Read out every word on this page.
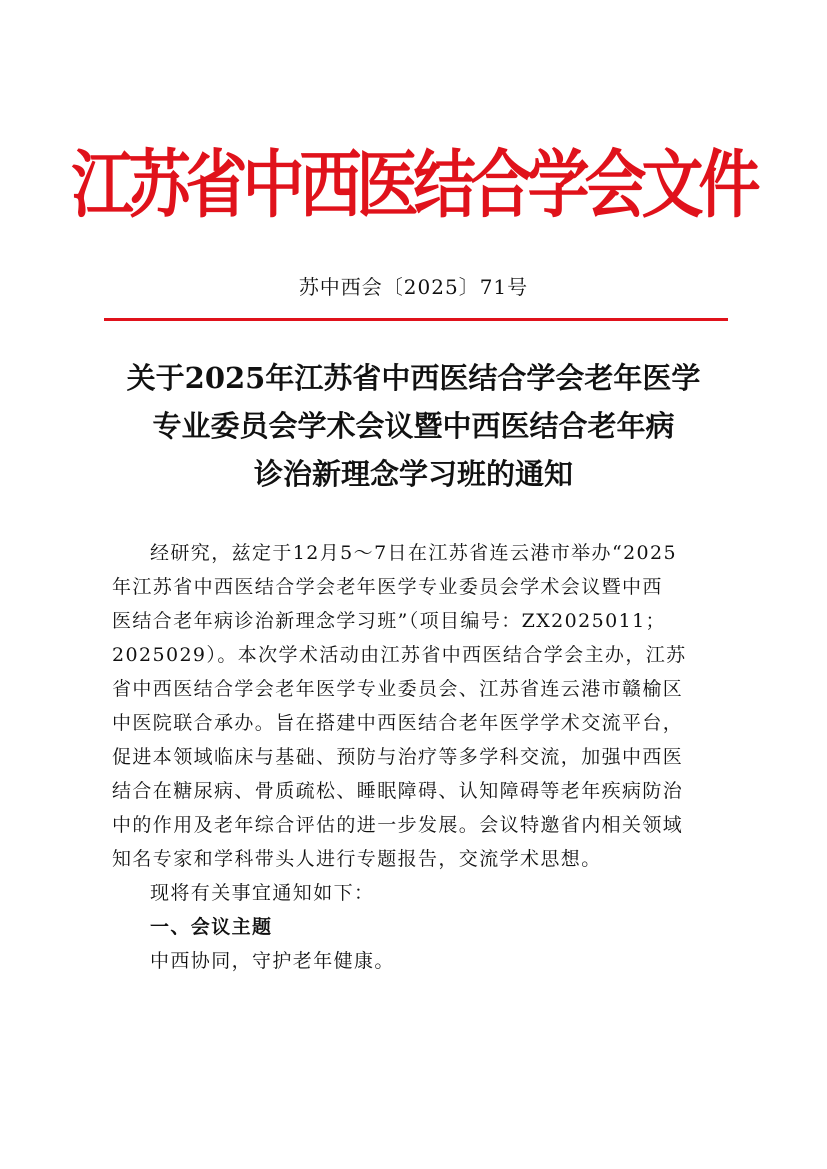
江苏省中西医结合学会文件
苏中西会〔2025〕71号
关于2025年江苏省中西医结合学会老年医学
专业委员会学术会议暨中西医结合老年病
诊治新理念学习班的通知

经研究，兹定于12月5～7日在江苏省连云港市举办“2025
年江苏省中西医结合学会老年医学专业委员会学术会议暨中西
医结合老年病诊治新理念学习班”（项目编号：ZX2025011；
2025029）。本次学术活动由江苏省中西医结合学会主办，江苏
省中西医结合学会老年医学专业委员会、江苏省连云港市赣榆区
中医院联合承办。旨在搭建中西医结合老年医学学术交流平台，
促进本领域临床与基础、预防与治疗等多学科交流，加强中西医
结合在糖尿病、骨质疏松、睡眠障碍、认知障碍等老年疾病防治
中的作用及老年综合评估的进一步发展。会议特邀省内相关领域
知名专家和学科带头人进行专题报告，交流学术思想。

现将有关事宜通知如下：

一、会议主题

中西协同，守护老年健康。
